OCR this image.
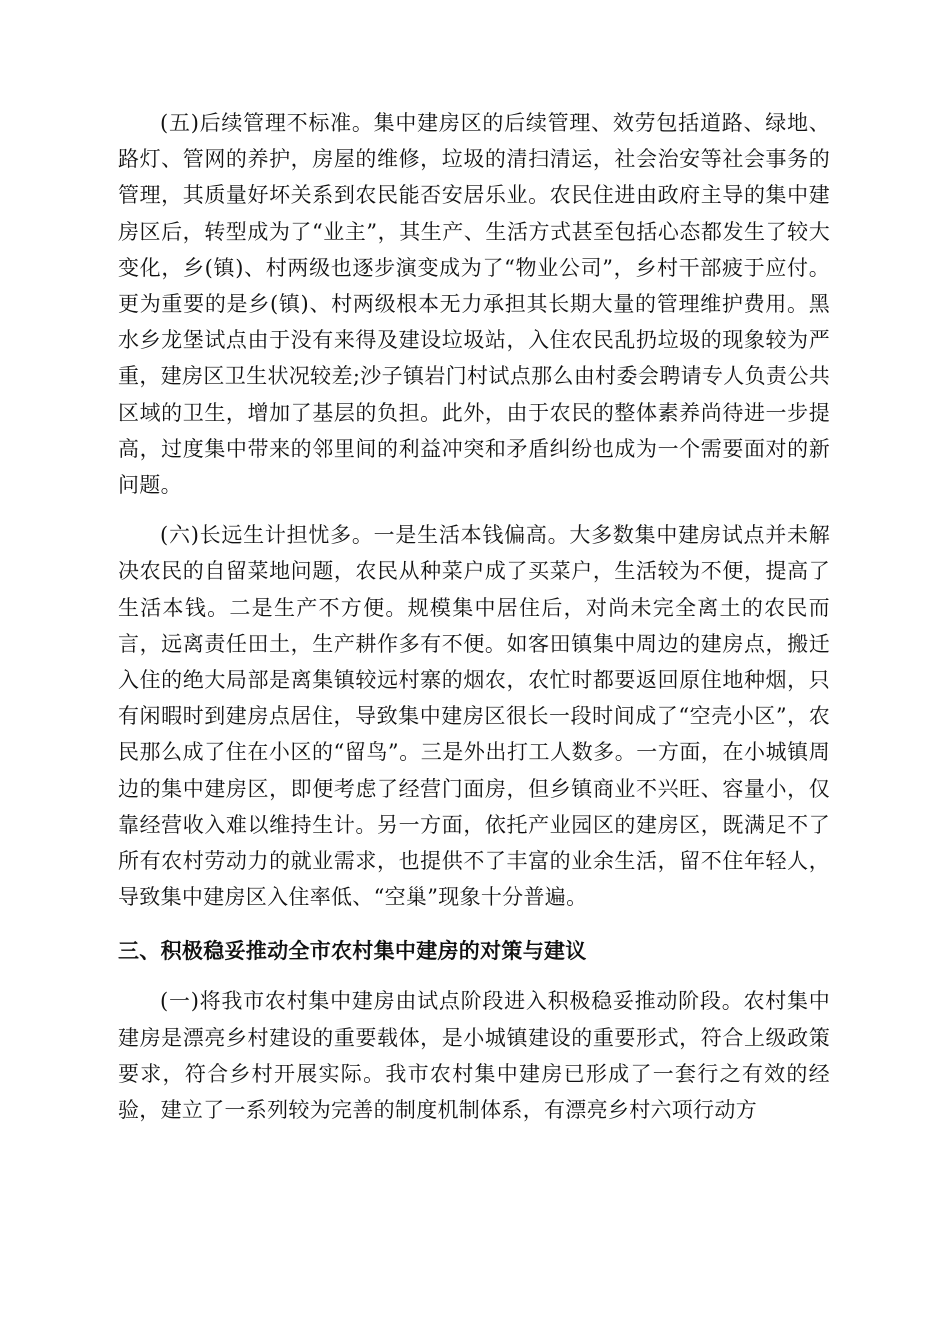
(五)后续管理不标准。集中建房区的后续管理、效劳包括道路、绿地、路灯、管网的养护，房屋的维修，垃圾的清扫清运，社会治安等社会事务的管理，其质量好坏关系到农民能否安居乐业。农民住进由政府主导的集中建房区后，转型成为了“业主”，其生产、生活方式甚至包括心态都发生了较大变化，乡(镇)、村两级也逐步演变成为了“物业公司”，乡村干部疲于应付。更为重要的是乡(镇)、村两级根本无力承担其长期大量的管理维护费用。黑水乡龙堡试点由于没有来得及建设垃圾站，入住农民乱扔垃圾的现象较为严重，建房区卫生状况较差;沙子镇岩门村试点那么由村委会聘请专人负责公共区域的卫生，增加了基层的负担。此外，由于农民的整体素养尚待进一步提高，过度集中带来的邻里间的利益冲突和矛盾纠纷也成为一个需要面对的新问题。

(六)长远生计担忧多。一是生活本钱偏高。大多数集中建房试点并未解决农民的自留菜地问题，农民从种菜户成了买菜户，生活较为不便，提高了生活本钱。二是生产不方便。规模集中居住后，对尚未完全离土的农民而言，远离责任田土，生产耕作多有不便。如客田镇集中周边的建房点，搬迁入住的绝大局部是离集镇较远村寨的烟农，农忙时都要返回原住地种烟，只有闲暇时到建房点居住，导致集中建房区很长一段时间成了“空壳小区”，农民那么成了住在小区的“留鸟”。三是外出打工人数多。一方面，在小城镇周边的集中建房区，即便考虑了经营门面房，但乡镇商业不兴旺、容量小，仅靠经营收入难以维持生计。另一方面，依托产业园区的建房区，既满足不了所有农村劳动力的就业需求，也提供不了丰富的业余生活，留不住年轻人，导致集中建房区入住率低、“空巢”现象十分普遍。

三、积极稳妥推动全市农村集中建房的对策与建议

(一)将我市农村集中建房由试点阶段进入积极稳妥推动阶段。农村集中建房是漂亮乡村建设的重要载体，是小城镇建设的重要形式，符合上级政策要求，符合乡村开展实际。我市农村集中建房已形成了一套行之有效的经验，建立了一系列较为完善的制度机制体系，有漂亮乡村六项行动方
